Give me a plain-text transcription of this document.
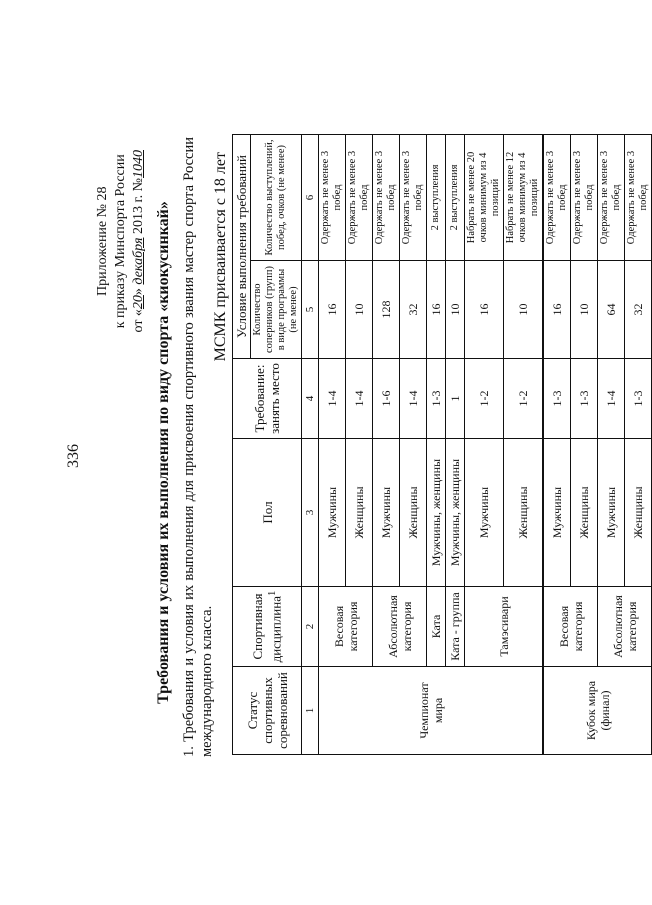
336
Приложение № 28 к приказу Минспорта России от «20» декабря 2013 г. №1040
Требования и условия их выполнения по виду спорта «киокусинкай» 1. Требования и условия их выполнения для присвоения спортивного звания мастер спорта России международного класса.
МСМК присваивается с 18 лет
Статус спортивных соревнований	Спортивная дисциплина$^1$	Пол	Требование: занять место	Условие выполнения требований	
				Количество соперников (групп) в виде программы (не менее)	Количество выступлений, побед, очков (не менее)
1	2	3	4	5	6
Чемпионат мира	Весовая категория	Мужчины	1-4	16	Одержать не менее 3 побед
		Женщины	1-4	10	Одержать не менее 3 побед
	Абсолютная категория	Мужчины	1-6	128	Одержать не менее 3 побед
		Женщины	1-4	32	Одержать не менее 3 побед
	Ката	Мужчины, женщины	1-3	16	2 выступления
	Ката - группа	Мужчины, женщины	1	10	2 выступления
	Тамэсивари	Мужчины	1-2	16	Набрать не менее 20 очков минимум из 4 позиций
		Женщины	1-2	10	Набрать не менее 12 очков минимум из 4 позиций
Кубок мира (финал)	Весовая категория	Мужчины	1-3	16	Одержать не менее 3 побед
		Женщины	1-3	10	Одержать не менее 3 побед
	Абсолютная категория	Мужчины	1-4	64	Одержать не менее 3 побед
		Женщины	1-3	32	Одержать не менее 3 побед
